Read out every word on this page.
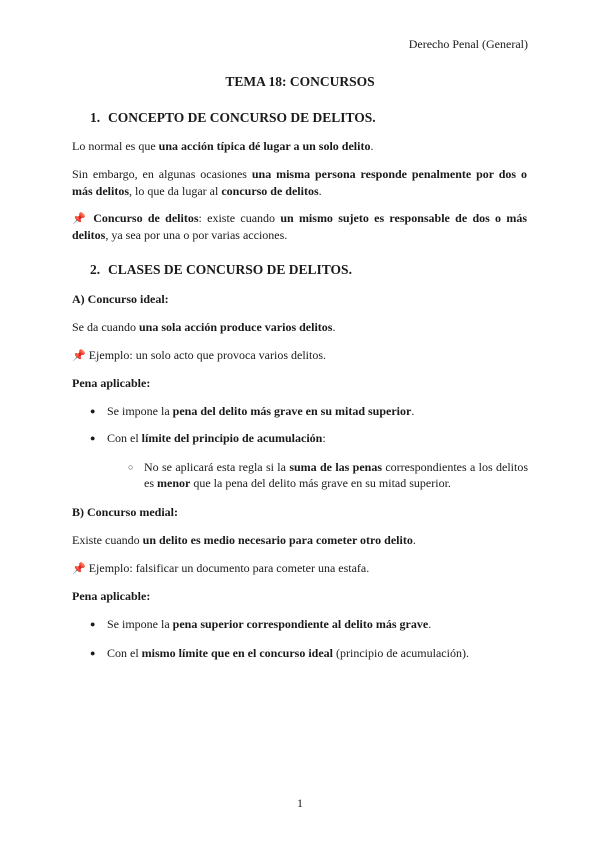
Derecho Penal (General)
TEMA 18: CONCURSOS
1. CONCEPTO DE CONCURSO DE DELITOS.
Lo normal es que una acción típica dé lugar a un solo delito.
Sin embargo, en algunas ocasiones una misma persona responde penalmente por dos o más delitos, lo que da lugar al concurso de delitos.
📌 Concurso de delitos: existe cuando un mismo sujeto es responsable de dos o más delitos, ya sea por una o por varias acciones.
2. CLASES DE CONCURSO DE DELITOS.
A) Concurso ideal:
Se da cuando una sola acción produce varios delitos.
📌 Ejemplo: un solo acto que provoca varios delitos.
Pena aplicable:
● Se impone la pena del delito más grave en su mitad superior.
● Con el límite del principio de acumulación:
○ No se aplicará esta regla si la suma de las penas correspondientes a los delitos es menor que la pena del delito más grave en su mitad superior.
B) Concurso medial:
Existe cuando un delito es medio necesario para cometer otro delito.
📌 Ejemplo: falsificar un documento para cometer una estafa.
Pena aplicable:
● Se impone la pena superior correspondiente al delito más grave.
● Con el mismo límite que en el concurso ideal (principio de acumulación).
1
